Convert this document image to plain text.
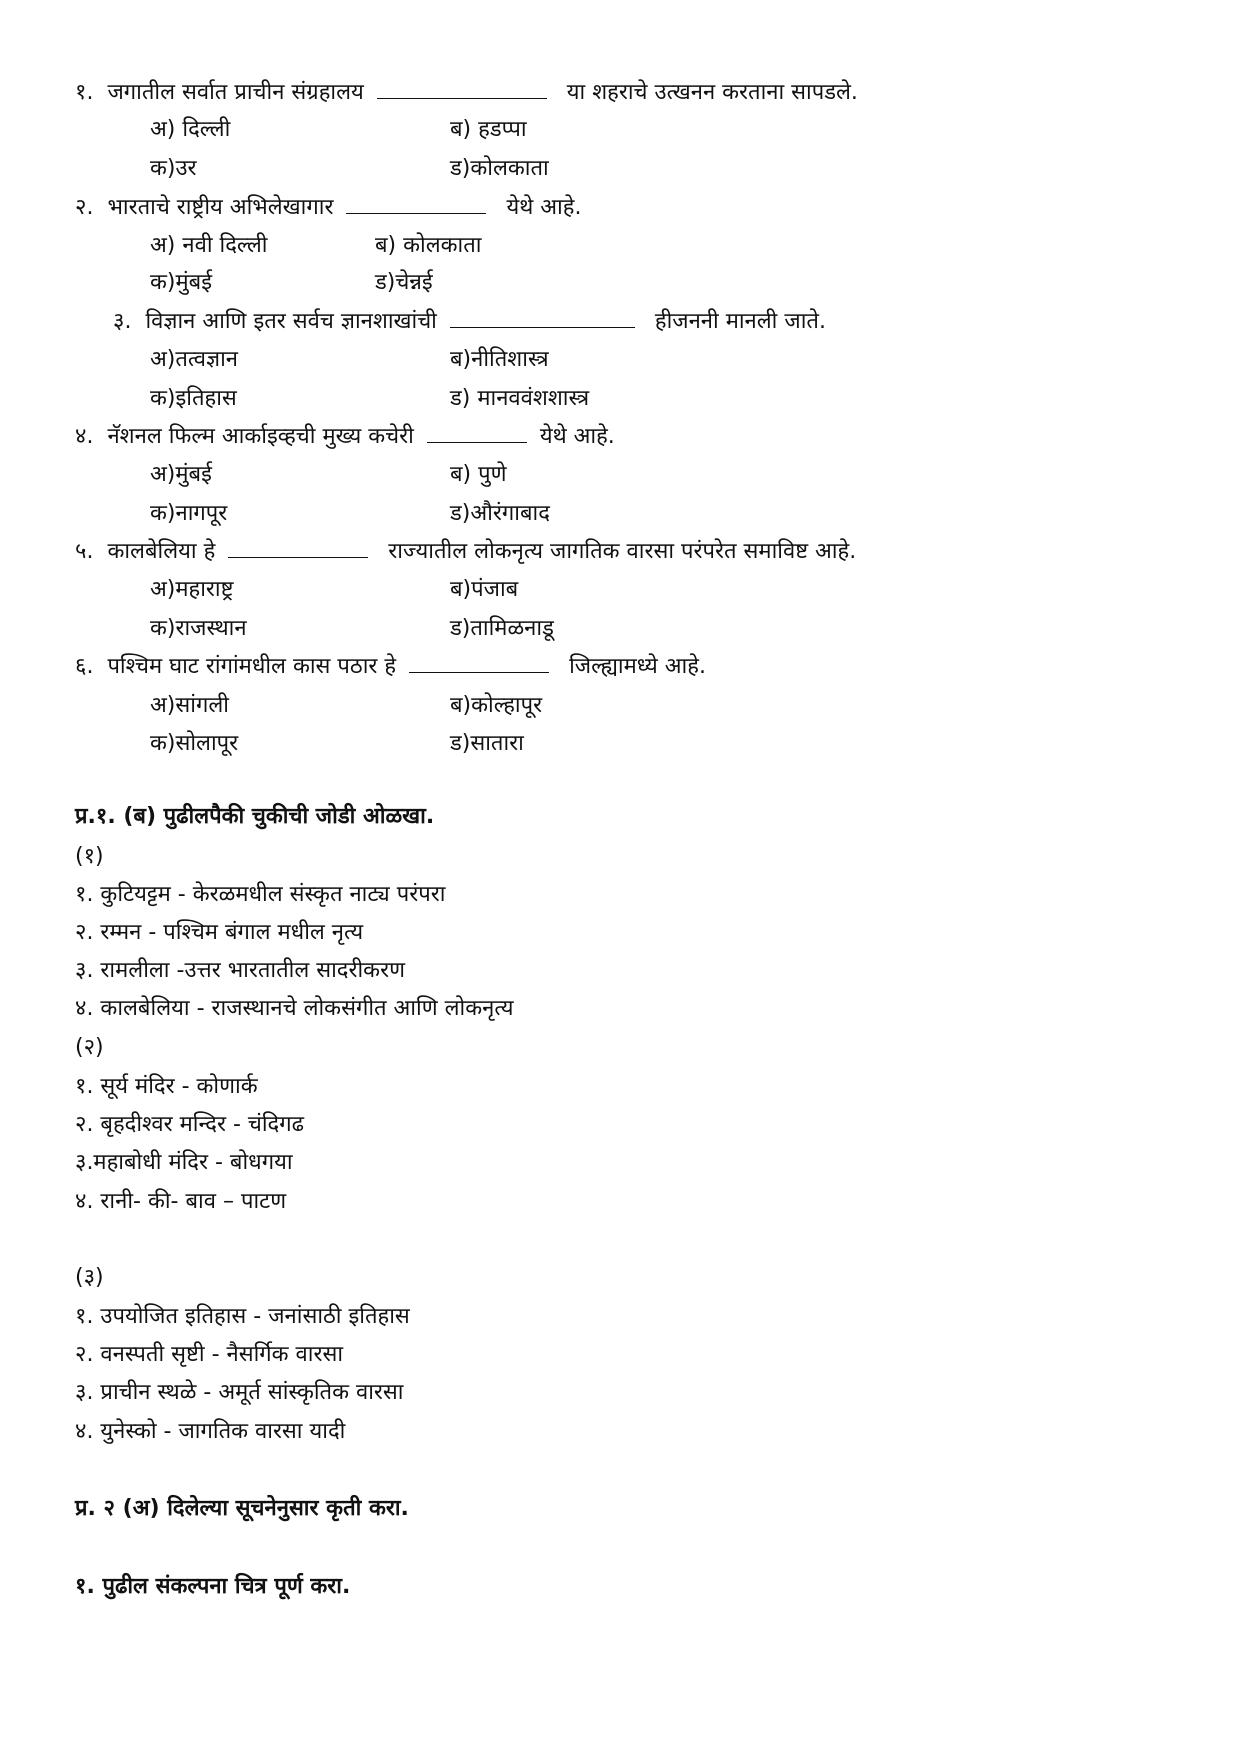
१. जगातील सर्वात प्राचीन संग्रहालय	या शहराचे उत्खनन करताना सापडले.
अ) दिल्ली	ब) हडप्पा
क)उर	ड)कोलकाता
२. भारताचे राष्ट्रीय अभिलेखागार	येथे आहे.
अ) नवी दिल्ली	ब) कोलकाता
क)मुंबई	ड)चेन्नई
३. विज्ञान आणि इतर सर्वच ज्ञानशाखांची	हीजननी मानली जाते.
अ)तत्वज्ञान	ब)नीतिशास्त्र
क)इतिहास	ड) मानववंशशास्त्र
४. नॅशनल फिल्म आर्काइव्हची मुख्य कचेरी	येथे आहे.
अ)मुंबई	ब) पुणे
क)नागपूर	ड)औरंगाबाद
५. कालबेलिया हे	राज्यातील लोकनृत्य जागतिक वारसा परंपरेत समाविष्ट आहे.
अ)महाराष्ट्र	ब)पंजाब
क)राजस्थान	ड)तामिळनाडू
६. पश्चिम घाट रांगांमधील कास पठार हे	जिल्ह्यामध्ये आहे.
अ)सांगली	ब)कोल्हापूर
क)सोलापूर	ड)सातारा
प्र.१. (ब) पुढीलपैकी चुकीची जोडी ओळखा.
(१)
१. कुटियट्टम - केरळमधील संस्कृत नाट्य परंपरा
२. रम्मन - पश्चिम बंगाल मधील नृत्य
३. रामलीला -उत्तर भारतातील सादरीकरण
४. कालबेलिया - राजस्थानचे लोकसंगीत आणि लोकनृत्य
(२)
१. सूर्य मंदिर - कोणार्क
२. बृहदीश्वर मन्दिर - चंदिगढ
३.महाबोधी मंदिर - बोधगया
४. रानी- की- बाव – पाटण
(३)
१. उपयोजित इतिहास - जनांसाठी इतिहास
२. वनस्पती सृष्टी - नैसर्गिक वारसा
३. प्राचीन स्थळे - अमूर्त सांस्कृतिक वारसा
४. युनेस्को - जागतिक वारसा यादी
प्र. २ (अ) दिलेल्या सूचनेनुसार कृती करा.
१. पुढील संकल्पना चित्र पूर्ण करा.
